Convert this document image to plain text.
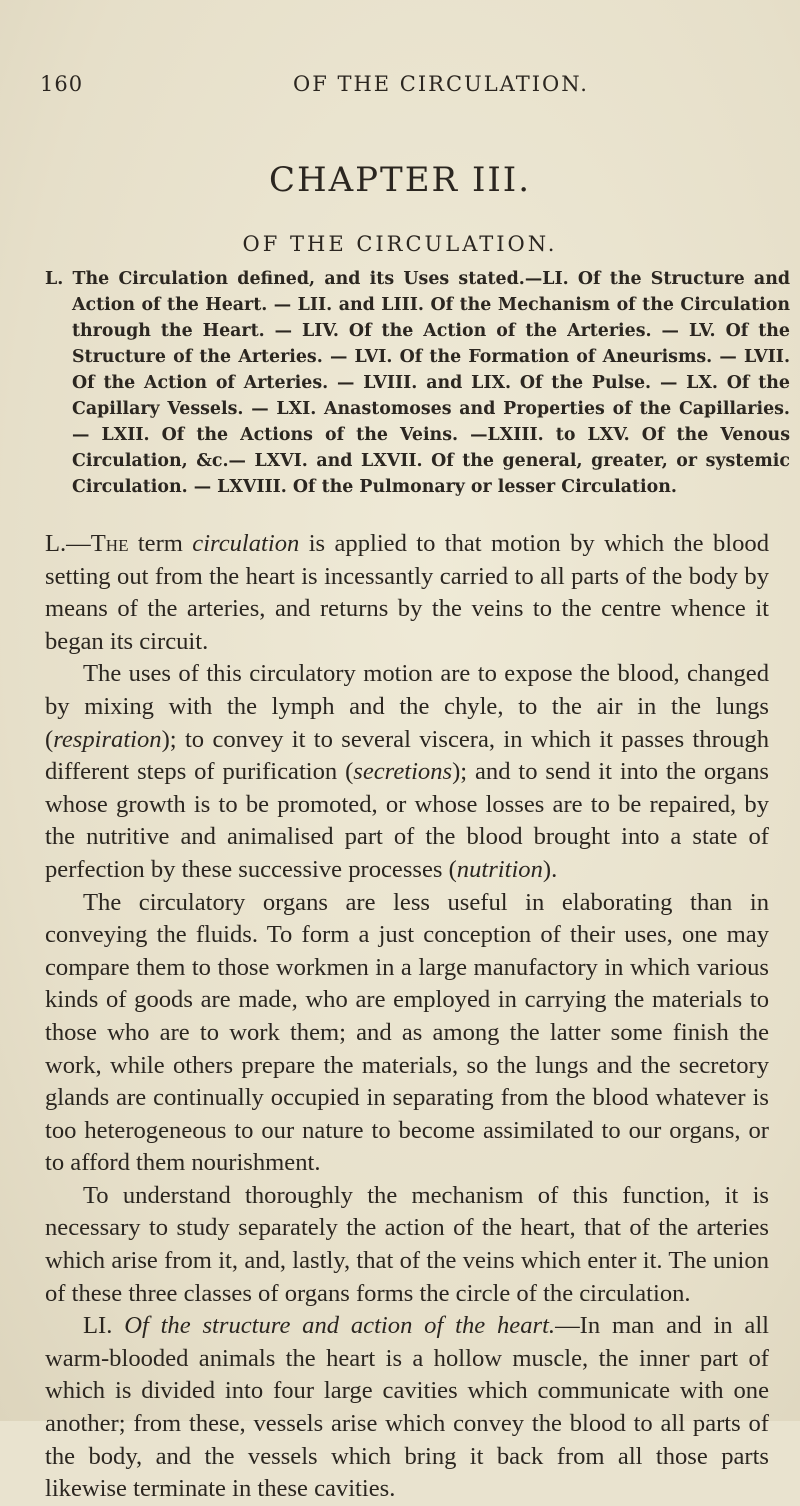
160	OF THE CIRCULATION.
CHAPTER III.
OF THE CIRCULATION.
L. The Circulation defined, and its Uses stated.—LI. Of the Structure and Action of the Heart. — LII. and LIII. Of the Mechanism of the Circulation through the Heart. — LIV. Of the Action of the Arteries. — LV. Of the Structure of the Arteries. — LVI. Of the Formation of Aneurisms. — LVII. Of the Action of Arteries. — LVIII. and LIX. Of the Pulse. — LX. Of the Capillary Vessels. — LXI. Anastomoses and Properties of the Capillaries. — LXII. Of the Actions of the Veins. —LXIII. to LXV. Of the Venous Circulation, &c.— LXVI. and LXVII. Of the general, greater, or systemic Circulation. — LXVIII. Of the Pulmonary or lesser Circulation.

L.—The term circulation is applied to that motion by which the blood setting out from the heart is incessantly carried to all parts of the body by means of the arteries, and returns by the veins to the centre whence it began its circuit.

The uses of this circulatory motion are to expose the blood, changed by mixing with the lymph and the chyle, to the air in the lungs (respiration); to convey it to several viscera, in which it passes through different steps of purification (secretions); and to send it into the organs whose growth is to be promoted, or whose losses are to be repaired, by the nutritive and animalised part of the blood brought into a state of perfection by these successive processes (nutrition).

The circulatory organs are less useful in elaborating than in conveying the fluids. To form a just conception of their uses, one may compare them to those workmen in a large manufactory in which various kinds of goods are made, who are employed in carrying the materials to those who are to work them; and as among the latter some finish the work, while others prepare the materials, so the lungs and the secretory glands are continually occupied in separating from the blood whatever is too heterogeneous to our nature to become assimilated to our organs, or to afford them nourishment.

To understand thoroughly the mechanism of this function, it is necessary to study separately the action of the heart, that of the arteries which arise from it, and, lastly, that of the veins which enter it. The union of these three classes of organs forms the circle of the circulation.

LI. Of the structure and action of the heart.—In man and in all warm-blooded animals the heart is a hollow muscle, the inner part of which is divided into four large cavities which communicate with one another; from these, vessels arise which convey the blood to all parts of the body, and the vessels which bring it back from all those parts likewise terminate in these cavities.
